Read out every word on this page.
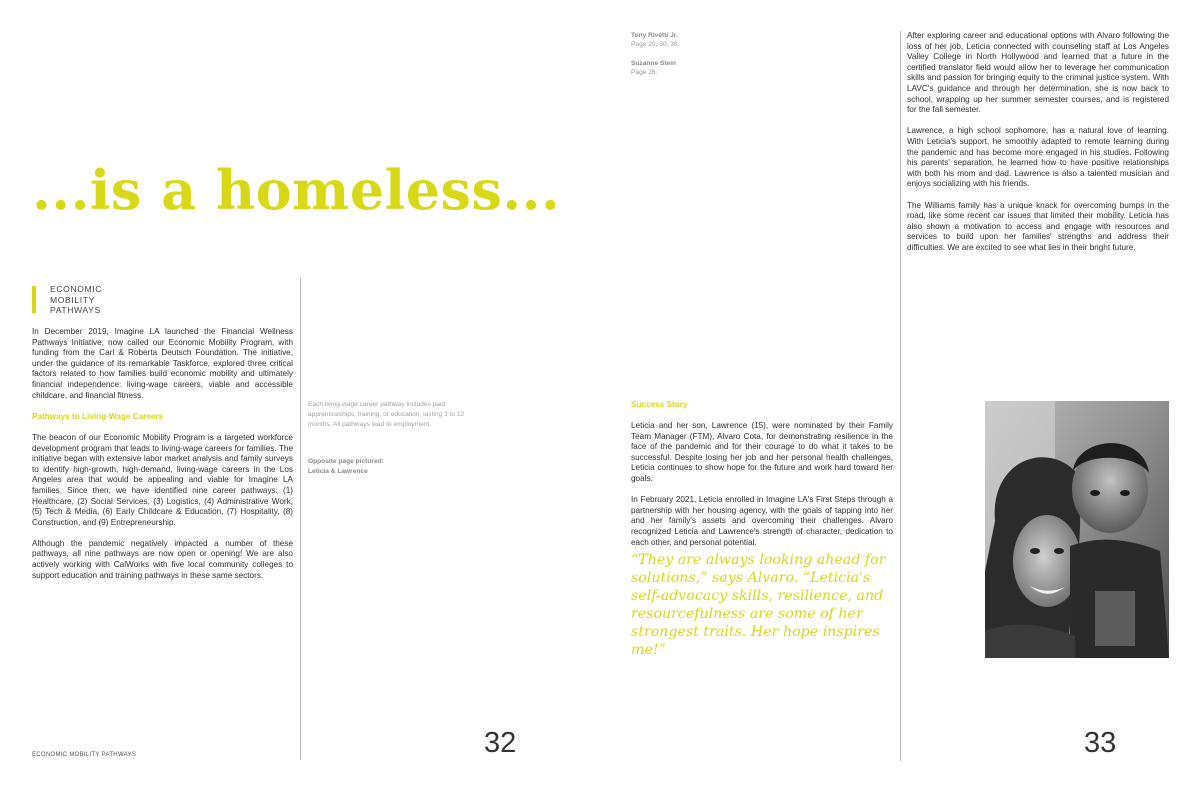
...is a homeless...
Tony Rivetti Jr.
Page 20, 30, 38.
Suzanne Stein
Page 26.

After exploring career and educational options with Alvaro following the loss of her job, Leticia connected with counseling staff at Los Angeles Valley College in North Hollywood and learned that a future in the certified translator field would allow her to leverage her communication skills and passion for bringing equity to the criminal justice system. With LAVC's guidance and through her determination, she is now back to school, wrapping up her summer semester courses, and is registered for the fall semester.

Lawrence, a high school sophomore, has a natural love of learning. With Leticia's support, he smoothly adapted to remote learning during the pandemic and has become more engaged in his studies. Following his parents' separation, he learned how to have positive relationships with both his mom and dad. Lawrence is also a talented musician and enjoys socializing with his friends.

The Williams family has a unique knack for overcoming bumps in the road, like some recent car issues that limited their mobility. Leticia has also shown a motivation to access and engage with resources and services to build upon her families' strengths and address their difficulties. We are excited to see what lies in their bright future.

ECONOMIC
MOBILITY
PATHWAYS

In December 2019, Imagine LA launched the Financial Wellness Pathways Initiative, now called our Economic Mobility Program, with funding from the Carl & Roberta Deutsch Foundation. The initiative, under the guidance of its remarkable Taskforce, explored three critical factors related to how families build economic mobility and ultimately financial independence: living-wage careers, viable and accessible childcare, and financial fitness.

Pathways to Living-Wage Careers

The beacon of our Economic Mobility Program is a targeted workforce development program that leads to living-wage careers for families. The initiative began with extensive labor market analysis and family surveys to identify high-growth, high-demand, living-wage careers in the Los Angeles area that would be appealing and viable for Imagine LA families. Since then, we have identified nine career pathways: (1) Healthcare, (2) Social Services, (3) Logistics, (4) Administrative Work, (5) Tech & Media, (6) Early Childcare & Education, (7) Hospitality, (8) Construction, and (9) Entrepreneurship.

Although the pandemic negatively impacted a number of these pathways, all nine pathways are now open or opening! We are also actively working with CalWorks with five local community colleges to support education and training pathways in these same sectors.

Each living-wage career pathway includes paid apprenticeships, training, or education, lasting 3 to 12 months. All pathways lead to employment.
Opposite page pictured:
Leticia & Lawrence
Success Story

Leticia and her son, Lawrence (15), were nominated by their Family Team Manager (FTM), Alvaro Cota, for demonstrating resilience in the face of the pandemic and for their courage to do what it takes to be successful. Despite losing her job and her personal health challenges, Leticia continues to show hope for the future and work hard toward her goals.

In February 2021, Leticia enrolled in Imagine LA's First Steps through a partnership with her housing agency, with the goals of tapping into her and her family's assets and overcoming their challenges. Alvaro recognized Leticia and Lawrence's strength of character, dedication to each other, and personal potential.

“They are always looking ahead for solutions,” says Alvaro. “Leticia's self-advocacy skills, resilience, and resourcefulness are some of her strongest traits. Her hope inspires me!”
ECONOMIC MOBILITY PATHWAYS	32	33
